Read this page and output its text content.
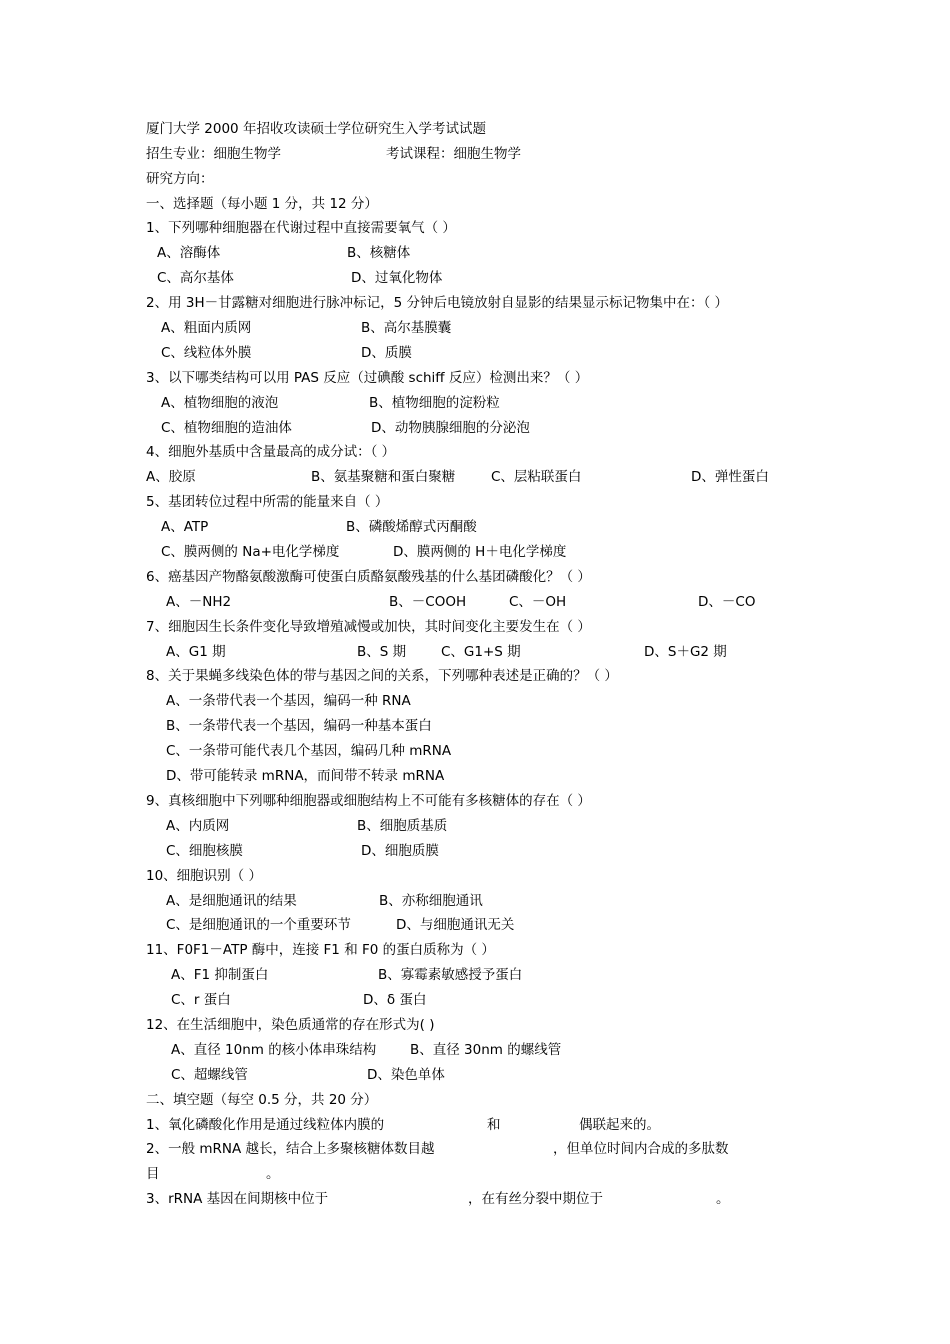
厦门大学 2000 年招收攻读硕士学位研究生入学考试试题
招生专业：细胞生物学	考试课程：细胞生物学
研究方向：
一、选择题（每小题 1 分，共 12 分）
1、下列哪种细胞器在代谢过程中直接需要氧气（ ）
A、溶酶体	B、核糖体
C、高尔基体	D、过氧化物体
2、用 3H－甘露糖对细胞进行脉冲标记，5 分钟后电镜放射自显影的结果显示标记物集中在：（ ）
A、粗面内质网	B、高尔基膜囊
C、线粒体外膜	D、质膜
3、以下哪类结构可以用 PAS 反应（过碘酸 schiff 反应）检测出来？（ ）
A、植物细胞的液泡	B、植物细胞的淀粉粒
C、植物细胞的造油体	D、动物胰腺细胞的分泌泡
4、细胞外基质中含量最高的成分试：（ ）
A、胶原	B、氨基聚糖和蛋白聚糖	C、层粘联蛋白	D、弹性蛋白
5、基团转位过程中所需的能量来自（ ）
A、ATP	B、磷酸烯醇式丙酮酸
C、膜两侧的 Na+电化学梯度	D、膜两侧的 H＋电化学梯度
6、癌基因产物酪氨酸激酶可使蛋白质酪氨酸残基的什么基团磷酸化？（ ）
A、－NH2	B、－COOH	C、－OH	D、－CO
7、细胞因生长条件变化导致增殖减慢或加快，其时间变化主要发生在（ ）
A、G1 期	B、S 期	C、G1+S 期	D、S＋G2 期
8、关于果蝇多线染色体的带与基因之间的关系，下列哪种表述是正确的？（ ）
A、一条带代表一个基因，编码一种 RNA
B、一条带代表一个基因，编码一种基本蛋白
C、一条带可能代表几个基因，编码几种 mRNA
D、带可能转录 mRNA，而间带不转录 mRNA
9、真核细胞中下列哪种细胞器或细胞结构上不可能有多核糖体的存在（ ）
A、内质网	B、细胞质基质
C、细胞核膜	D、细胞质膜
10、细胞识别（ ）
A、是细胞通讯的结果	B、亦称细胞通讯
C、是细胞通讯的一个重要环节	D、与细胞通讯无关
11、F0F1－ATP 酶中，连接 F1 和 F0 的蛋白质称为（ ）
A、F1 抑制蛋白	B、寡霉素敏感授予蛋白
C、r 蛋白	D、δ 蛋白
12、在生活细胞中，染色质通常的存在形式为( )
A、直径 10nm 的核小体串珠结构	B、直径 30nm 的螺线管
C、超螺线管	D、染色单体
二、填空题（每空 0.5 分，共 20 分）
1、氧化磷酸化作用是通过线粒体内膜的	和	偶联起来的。
2、一般 mRNA 越长，结合上多聚核糖体数目越	，但单位时间内合成的多肽数
目	。
3、rRNA 基因在间期核中位于	，在有丝分裂中期位于	。
